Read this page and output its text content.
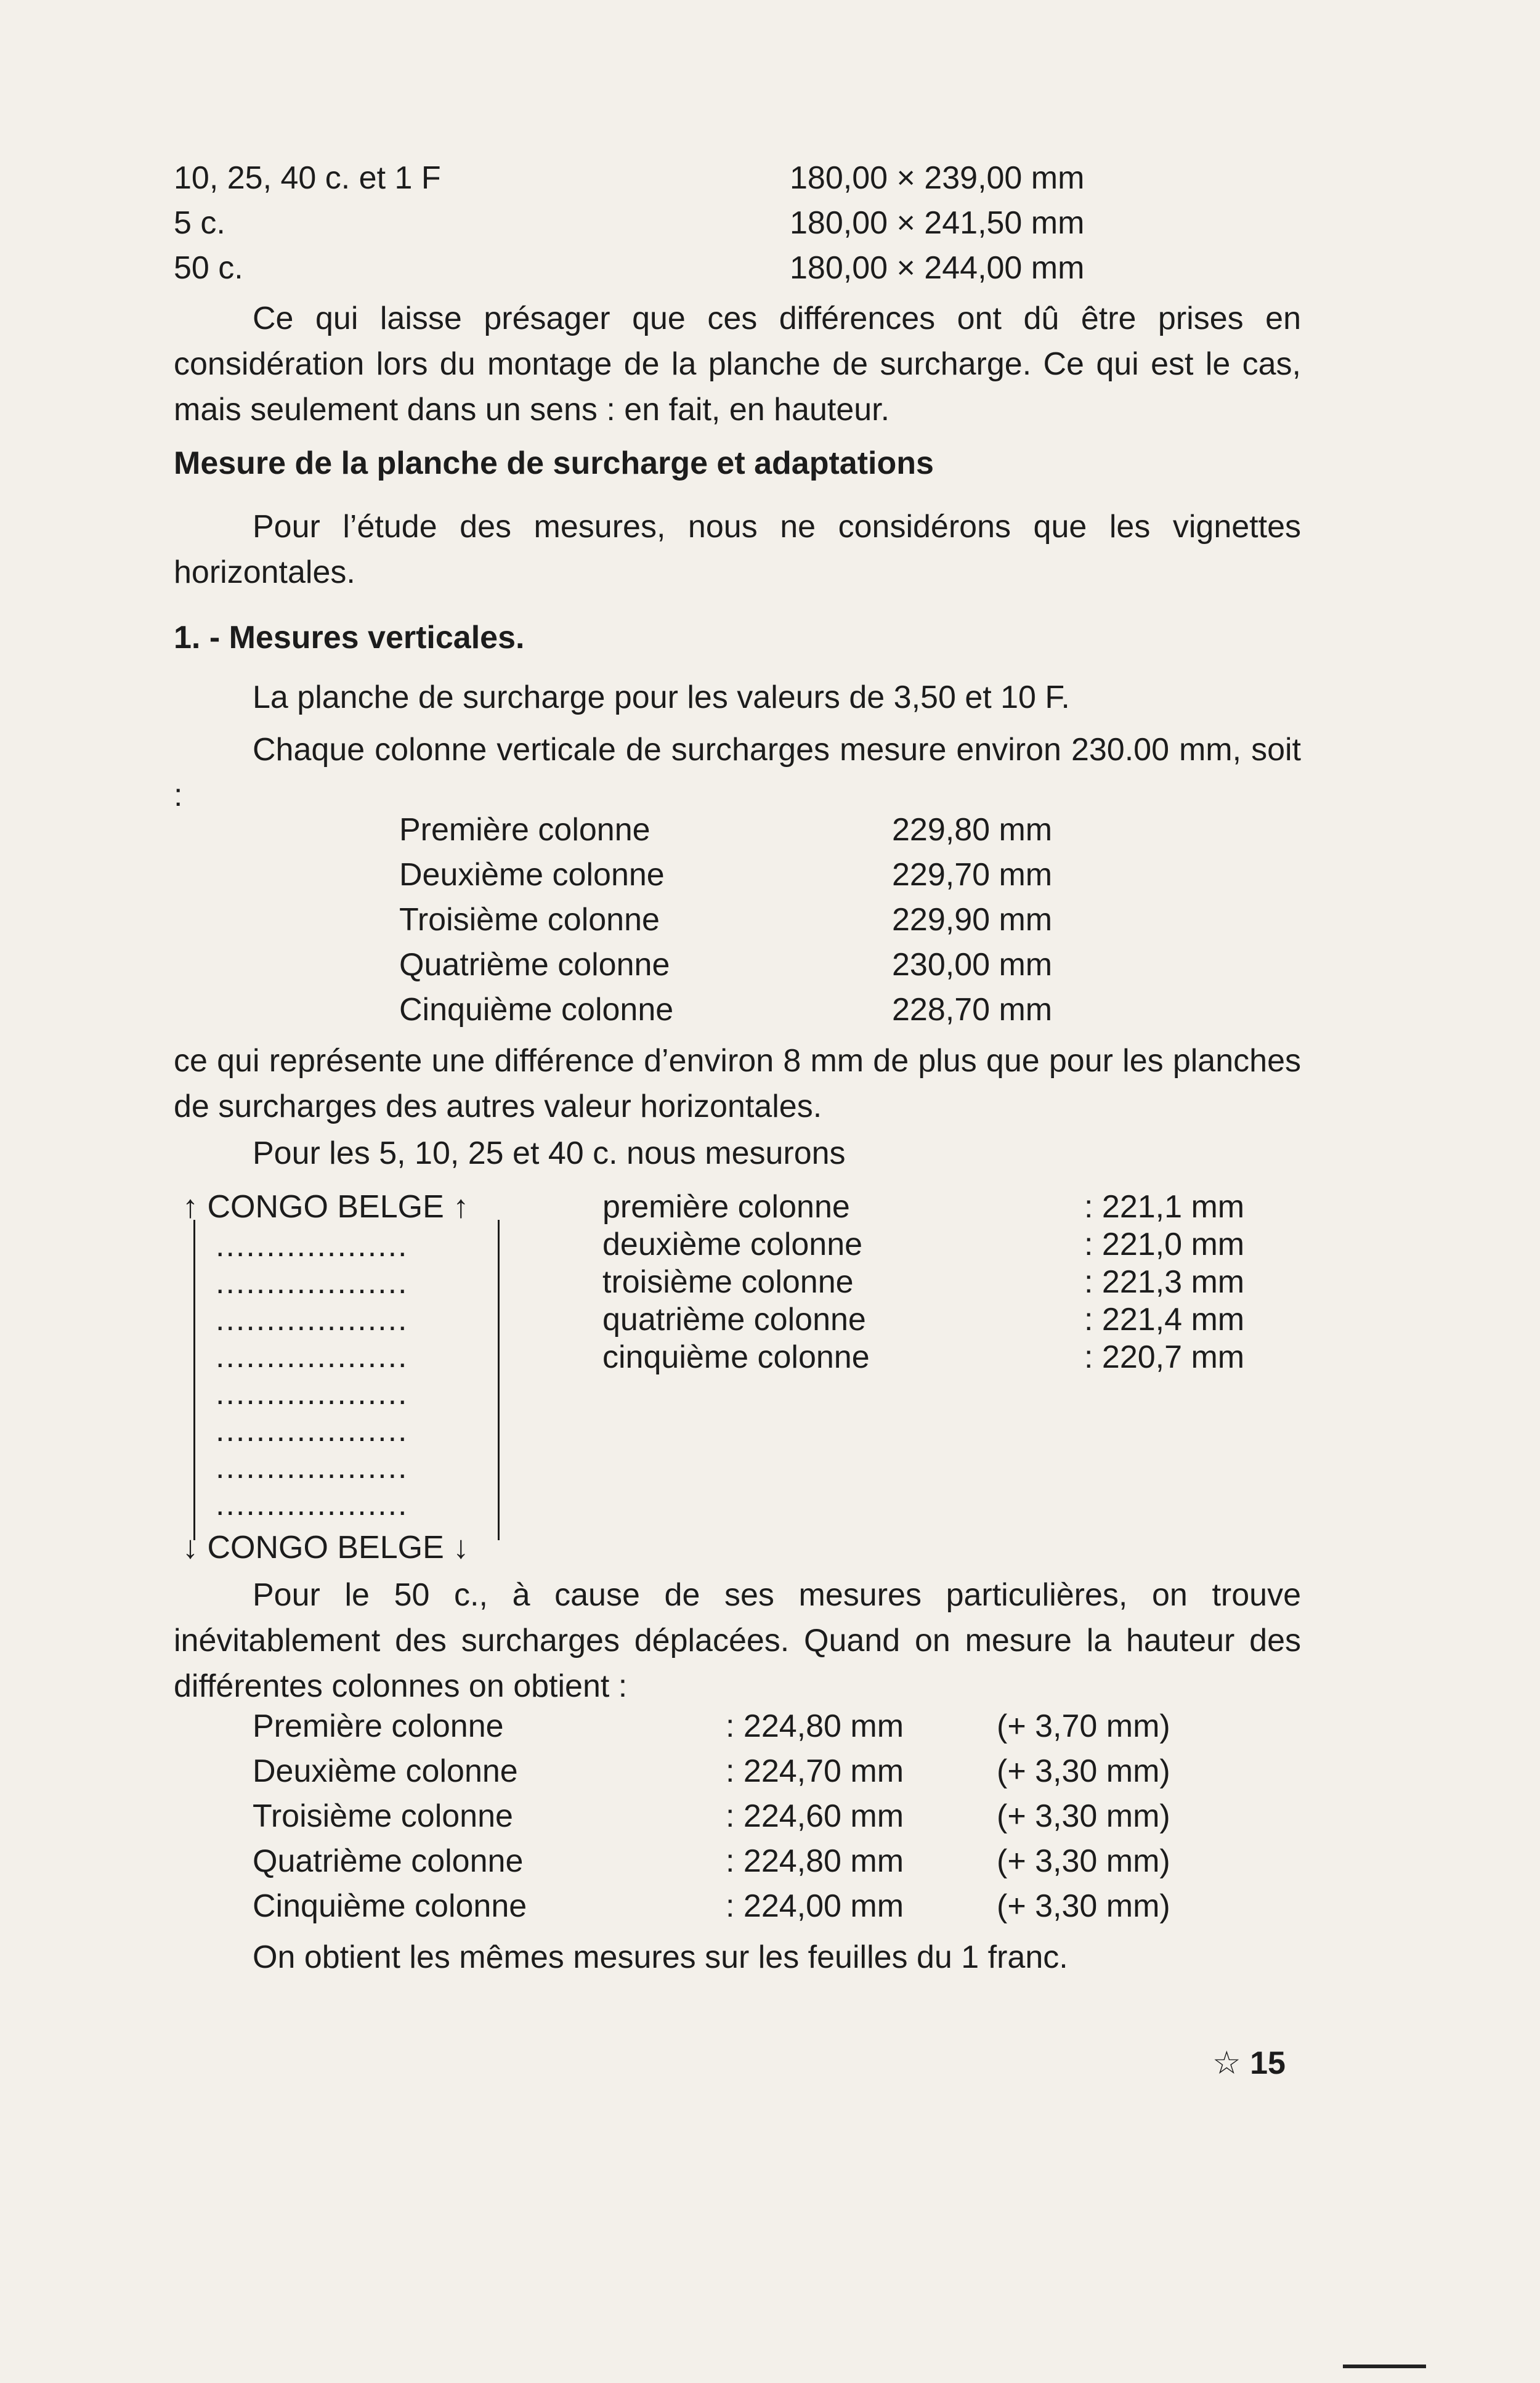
10, 25, 40 c. et 1 F	180,00 × 239,00 mm
5 c.	180,00 × 241,50 mm
50 c.	180,00 × 244,00 mm

Ce qui laisse présager que ces différences ont dû être prises en considération lors du montage de la planche de surcharge. Ce qui est le cas, mais seulement dans un sens : en fait, en hauteur.

Mesure de la planche de surcharge et adaptations

Pour l’étude des mesures, nous ne considérons que les vignettes horizontales.

1. - Mesures verticales.
La planche de surcharge pour les valeurs de 3,50 et 10 F.

Chaque colonne verticale de surcharges mesure environ 230.00 mm, soit :

Première colonne	229,80 mm
Deuxième colonne	229,70 mm
Troisième colonne	229,90 mm
Quatrième colonne	230,00 mm
Cinquième colonne	228,70 mm

ce qui représente une différence d’environ 8 mm de plus que pour les planches de surcharges des autres valeur horizontales.

Pour les 5, 10, 25 et 40 c. nous mesurons
↑ CONGO BELGE ↑
...................
...................
...................
...................
...................
...................
...................
...................
↓ CONGO BELGE ↓
première colonne	: 221,1 mm
deuxième colonne	: 221,0 mm
troisième colonne	: 221,3 mm
quatrième colonne	: 221,4 mm
cinquième colonne	: 220,7 mm

Pour le 50 c., à cause de ses mesures particulières, on trouve inévitablement des surcharges déplacées. Quand on mesure la hauteur des différentes colonnes on obtient :

Première colonne	: 224,80 mm	(+ 3,70 mm)
Deuxième colonne	: 224,70 mm	(+ 3,30 mm)
Troisième colonne	: 224,60 mm	(+ 3,30 mm)
Quatrième colonne	: 224,80 mm	(+ 3,30 mm)
Cinquième colonne	: 224,00 mm	(+ 3,30 mm)
On obtient les mêmes mesures sur les feuilles du 1 franc.
☆ 15
